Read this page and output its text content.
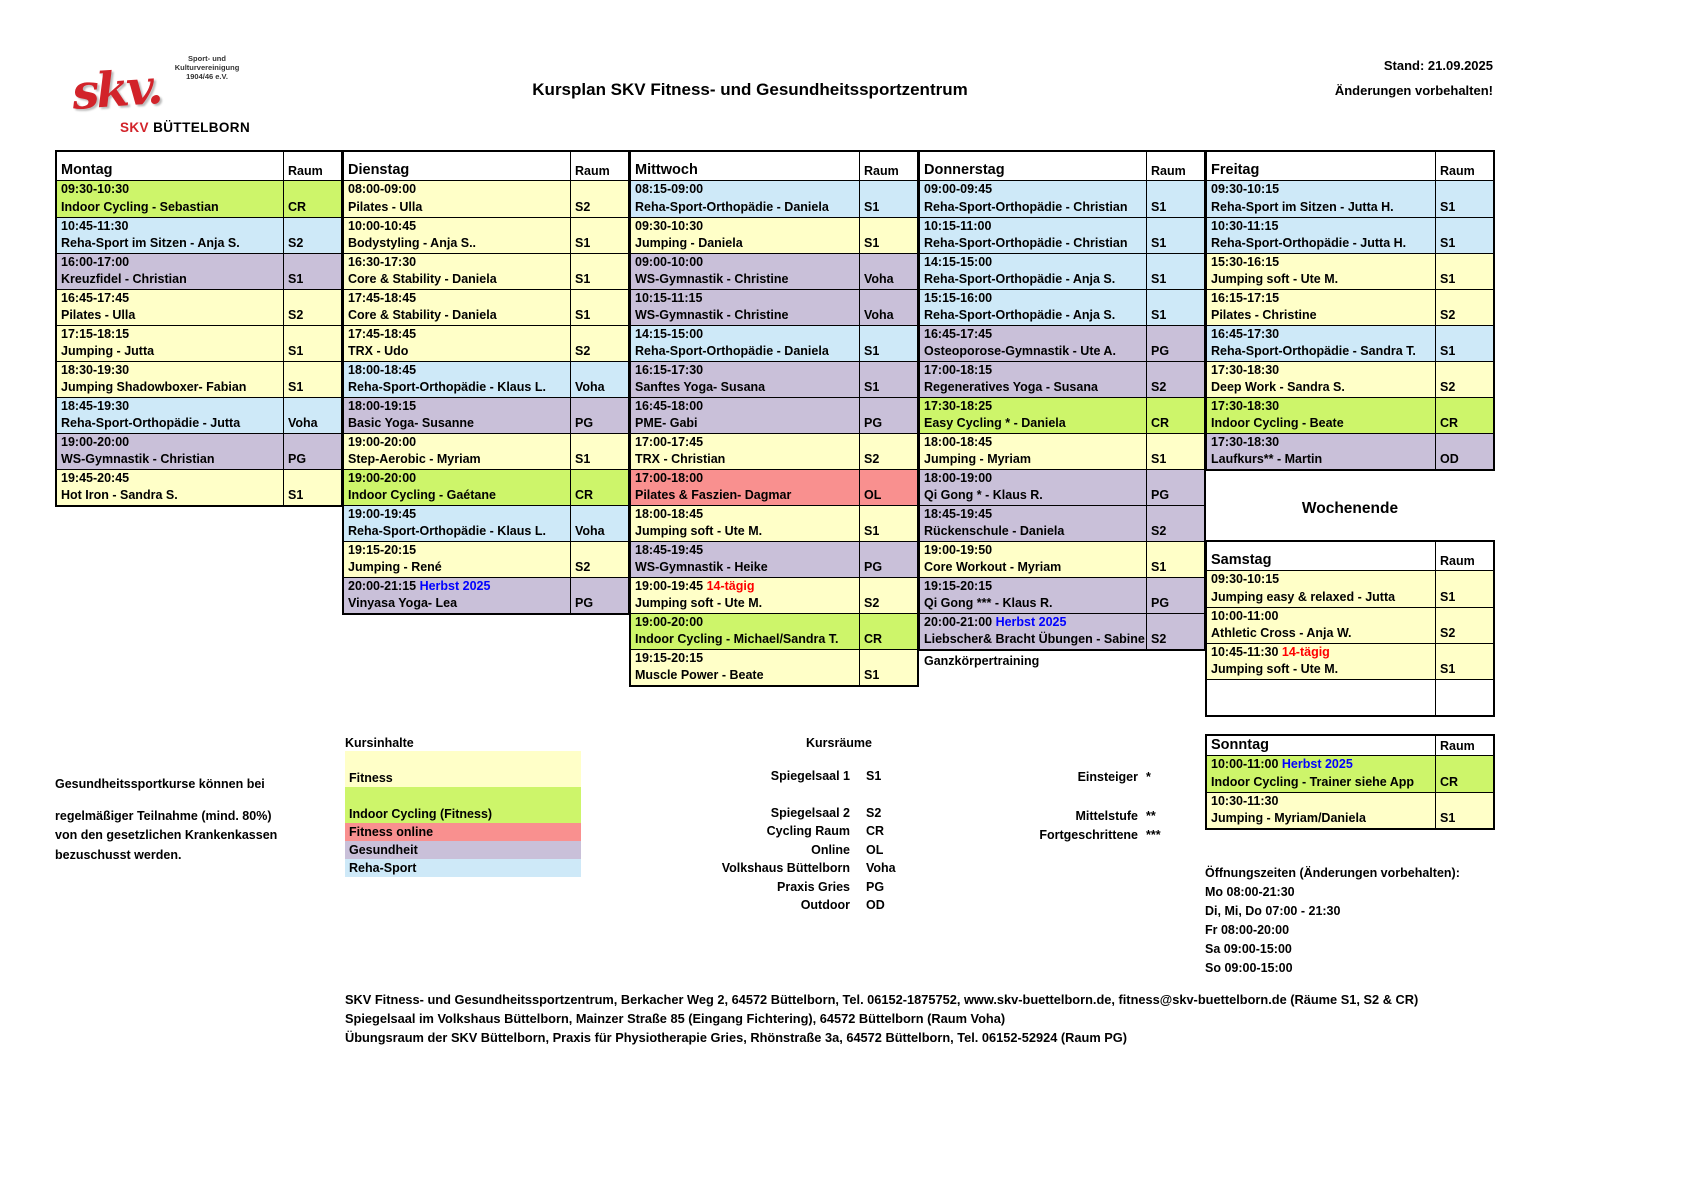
Sport- und
Kulturvereinigung
1904/46 e.V.
skv.
SKV BÜTTELBORN
Kursplan SKV Fitness- und Gesundheitssportzentrum
Stand: 21.09.2025
Änderungen vorbehalten!
Montag	Raum
09:30-10:30
Indoor Cycling - Sebastian	CR
10:45-11:30
Reha-Sport im Sitzen - Anja S.	S2
16:00-17:00
Kreuzfidel - Christian	S1
16:45-17:45
Pilates - Ulla	S2
17:15-18:15
Jumping - Jutta	S1
18:30-19:30
Jumping Shadowboxer- Fabian	S1
18:45-19:30
Reha-Sport-Orthopädie - Jutta	Voha
19:00-20:00
WS-Gymnastik - Christian	PG
19:45-20:45
Hot Iron - Sandra S.	S1
Dienstag	Raum
08:00-09:00
Pilates - Ulla	S2
10:00-10:45
Bodystyling - Anja S..	S1
16:30-17:30
Core & Stability - Daniela	S1
17:45-18:45
Core & Stability - Daniela	S1
17:45-18:45
TRX - Udo	S2
18:00-18:45
Reha-Sport-Orthopädie - Klaus L.	Voha
18:00-19:15
Basic Yoga- Susanne	PG
19:00-20:00
Step-Aerobic - Myriam	S1
19:00-20:00
Indoor Cycling - Gaétane	CR
19:00-19:45
Reha-Sport-Orthopädie - Klaus L.	Voha
19:15-20:15
Jumping - René	S2
20:00-21:15 Herbst 2025
Vinyasa Yoga- Lea	PG
Mittwoch	Raum
08:15-09:00
Reha-Sport-Orthopädie - Daniela	S1
09:30-10:30
Jumping - Daniela	S1
09:00-10:00
WS-Gymnastik - Christine	Voha
10:15-11:15
WS-Gymnastik - Christine	Voha
14:15-15:00
Reha-Sport-Orthopädie - Daniela	S1
16:15-17:30
Sanftes Yoga- Susana	S1
16:45-18:00
PME- Gabi	PG
17:00-17:45
TRX - Christian	S2
17:00-18:00
Pilates & Faszien- Dagmar	OL
18:00-18:45
Jumping soft - Ute M.	S1
18:45-19:45
WS-Gymnastik - Heike	PG
19:00-19:45 14-tägig
Jumping soft - Ute M.	S2
19:00-20:00
Indoor Cycling - Michael/Sandra T.	CR
19:15-20:15
Muscle Power - Beate	S1
Donnerstag	Raum
09:00-09:45
Reha-Sport-Orthopädie - Christian	S1
10:15-11:00
Reha-Sport-Orthopädie - Christian	S1
14:15-15:00
Reha-Sport-Orthopädie - Anja S.	S1
15:15-16:00
Reha-Sport-Orthopädie - Anja S.	S1
16:45-17:45
Osteoporose-Gymnastik - Ute A.	PG
17:00-18:15
Regeneratives Yoga - Susana	S2
17:30-18:25
Easy Cycling * - Daniela	CR
18:00-18:45
Jumping - Myriam	S1
18:00-19:00
Qi Gong * - Klaus R.	PG
18:45-19:45
Rückenschule - Daniela	S2
19:00-19:50
Core Workout - Myriam	S1
19:15-20:15
Qi Gong *** - Klaus R.	PG
20:00-21:00 Herbst 2025
Liebscher& Bracht Übungen - Sabine S2
Ganzkörpertraining
Freitag	Raum
09:30-10:15
Reha-Sport im Sitzen - Jutta H.	S1
10:30-11:15
Reha-Sport-Orthopädie - Jutta H.	S1
15:30-16:15
Jumping soft - Ute M.	S1
16:15-17:15
Pilates - Christine	S2
16:45-17:30
Reha-Sport-Orthopädie - Sandra T.	S1
17:30-18:30
Deep Work - Sandra S.	S2
17:30-18:30
Indoor Cycling - Beate	CR
17:30-18:30
Laufkurs** - Martin	OD
Wochenende
Samstag	Raum
09:30-10:15
Jumping easy & relaxed - Jutta	S1
10:00-11:00
Athletic Cross - Anja W.	S2
10:45-11:30 14-tägig
Jumping soft - Ute M.	S1
Sonntag	Raum
10:00-11:00 Herbst 2025
Indoor Cycling - Trainer siehe App	CR
10:30-11:30
Jumping - Myriam/Daniela	S1
Gesundheitssportkurse können bei
regelmäßiger Teilnahme (mind. 80%)
von den gesetzlichen Krankenkassen
bezuschusst werden.
Kursinhalte
Fitness
Indoor Cycling (Fitness)
Fitness online
Gesundheit
Reha-Sport
Kursräume
Spiegelsaal 1 S1
Spiegelsaal 2 S2
Cycling Raum CR
Online OL
Volkshaus Büttelborn Voha
Praxis Gries PG
Outdoor OD
Einsteiger *
Mittelstufe **
Fortgeschrittene ***
Öffnungszeiten (Änderungen vorbehalten):
Mo 08:00-21:30
Di, Mi, Do 07:00 - 21:30
Fr 08:00-20:00
Sa 09:00-15:00
So 09:00-15:00
SKV Fitness- und Gesundheitssportzentrum, Berkacher Weg 2, 64572 Büttelborn, Tel. 06152-1875752, www.skv-buettelborn.de, fitness@skv-buettelborn.de (Räume S1, S2 & CR)
Spiegelsaal im Volkshaus Büttelborn, Mainzer Straße 85 (Eingang Fichtering), 64572 Büttelborn (Raum Voha)
Übungsraum der SKV Büttelborn, Praxis für Physiotherapie Gries, Rhönstraße 3a, 64572 Büttelborn, Tel. 06152-52924 (Raum PG)
